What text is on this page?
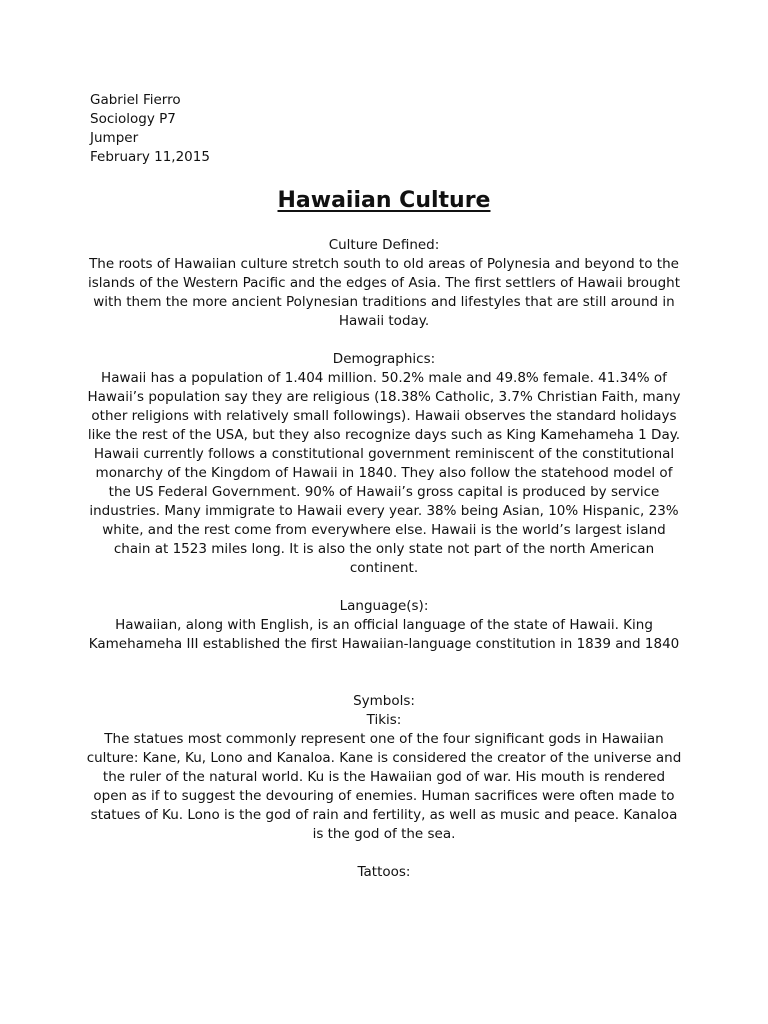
Gabriel Fierro
Sociology P7
Jumper
February 11,2015
Hawaiian Culture
Culture Defined:
The roots of Hawaiian culture stretch south to old areas of Polynesia and beyond to the islands of the Western Pacific and the edges of Asia. The first settlers of Hawaii brought with them the more ancient Polynesian traditions and lifestyles that are still around in Hawaii today.
Demographics:
Hawaii has a population of 1.404 million. 50.2% male and 49.8% female. 41.34% of Hawaii’s population say they are religious (18.38% Catholic, 3.7% Christian Faith, many other religions with relatively small followings). Hawaii observes the standard holidays like the rest of the USA, but they also recognize days such as King Kamehameha 1 Day. Hawaii currently follows a constitutional government reminiscent of the constitutional monarchy of the Kingdom of Hawaii in 1840. They also follow the statehood model of the US Federal Government. 90% of Hawaii’s gross capital is produced by service industries. Many immigrate to Hawaii every year. 38% being Asian, 10% Hispanic, 23% white, and the rest come from everywhere else. Hawaii is the world’s largest island chain at 1523 miles long. It is also the only state not part of the north American continent.
Language(s):
Hawaiian, along with English, is an official language of the state of Hawaii. King Kamehameha III established the first Hawaiian-language constitution in 1839 and 1840
Symbols:
Tikis:
The statues most commonly represent one of the four significant gods in Hawaiian culture: Kane, Ku, Lono and Kanaloa. Kane is considered the creator of the universe and the ruler of the natural world. Ku is the Hawaiian god of war. His mouth is rendered open as if to suggest the devouring of enemies. Human sacrifices were often made to statues of Ku. Lono is the god of rain and fertility, as well as music and peace. Kanaloa is the god of the sea.
Tattoos:
